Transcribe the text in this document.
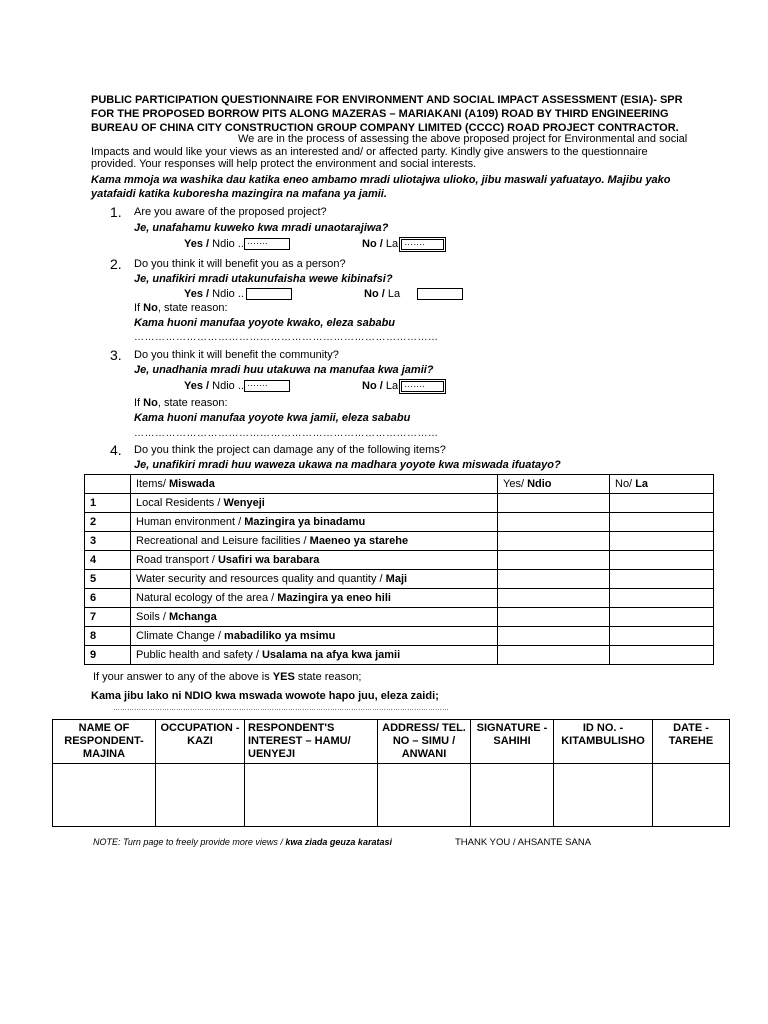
PUBLIC PARTICIPATION QUESTIONNAIRE FOR ENVIRONMENT AND SOCIAL IMPACT ASSESSMENT (ESIA)- SPR FOR THE PROPOSED BORROW PITS ALONG MAZERAS – MARIAKANI (A109) ROAD BY THIRD ENGINEERING BUREAU OF CHINA CITY CONSTRUCTION GROUP COMPANY LIMITED (CCCC) ROAD PROJECT CONTRACTOR.
We are in the process of assessing the above proposed project for Environmental and social Impacts and would like your views as an interested and/ or affected party. Kindly give answers to the questionnaire provided. Your responses will help protect the environment and social interests.
Kama mmoja wa washika dau katika eneo ambamo mradi uliotajwa ulioko, jibu maswali yafuatayo. Majibu yako yatafaidi katika kuboresha mazingira na mafana ya jamii.
1. Are you aware of the proposed project?
Je, unafahamu kuweko kwa mradi unaotarajiwa?
Yes / Ndio .. …….	No / La …….
2. Do you think it will benefit you as a person?
Je, unafikiri mradi utakunufaisha wewe kibinafsi?
Yes / Ndio ..	No / La
If No, state reason:
Kama huoni manufaa yoyote kwako, eleza sababu
……………………………………………………………………………
3. Do you think it will benefit the community?
Je, unadhania mradi huu utakuwa na manufaa kwa jamii?
Yes / Ndio .. …….	No / La …….
If No, state reason:
Kama huoni manufaa yoyote kwa jamii, eleza sababu
……………………………………………………………………………
4. Do you think the project can damage any of the following items?
Je, unafikiri mradi huu waweza ukawa na madhara yoyote kwa miswada ifuatayo?
	Items/ Miswada	Yes/ Ndio	No/ La
1	Local Residents / Wenyeji		
2	Human environment / Mazingira ya binadamu		
3	Recreational and Leisure facilities / Maeneo ya starehe		
4	Road transport / Usafiri wa barabara		
5	Water security and resources quality and quantity / Maji		
6	Natural ecology of the area / Mazingira ya eneo hili		
7	Soils / Mchanga		
8	Climate Change / mabadiliko ya msimu		
9	Public health and safety / Usalama na afya kwa jamii		
If your answer to any of the above is YES state reason;
Kama jibu lako ni NDIO kwa mswada wowote hapo juu, eleza zaidi;
………………………………………………………………………………………………………………………………
NAME OF RESPONDENT- MAJINA	OCCUPATION - KAZI	RESPONDENT'S INTEREST – HAMU/ UENYEJI	ADDRESS/ TEL. NO – SIMU / ANWANI	SIGNATURE - SAHIHI	ID NO. - KITAMBULISHO	DATE - TAREHE

NOTE: Turn page to freely provide more views / kwa ziada geuza karatasi	THANK YOU / AHSANTE SANA
